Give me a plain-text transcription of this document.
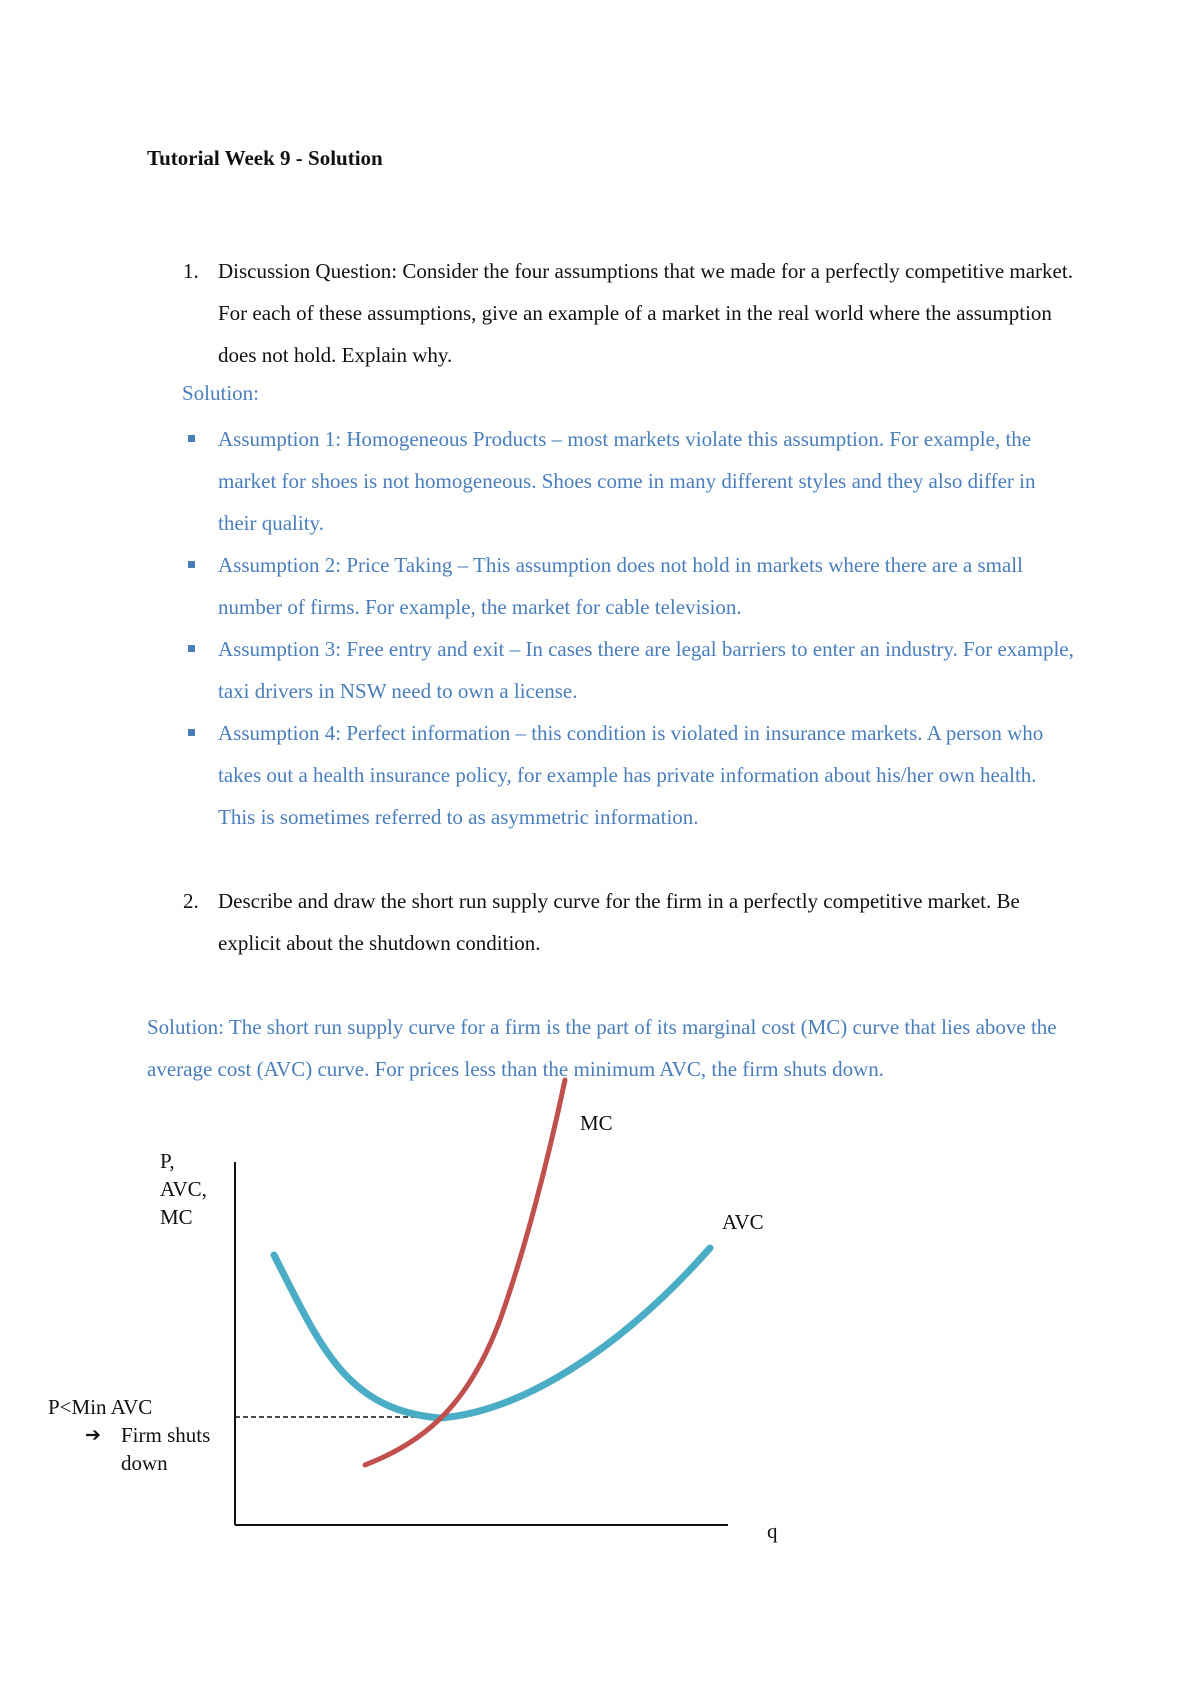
Tutorial Week 9 - Solution
1. Discussion Question: Consider the four assumptions that we made for a perfectly competitive market. For each of these assumptions, give an example of a market in the real world where the assumption does not hold. Explain why.
Solution:
Assumption 1: Homogeneous Products – most markets violate this assumption. For example, the market for shoes is not homogeneous. Shoes come in many different styles and they also differ in their quality.
Assumption 2: Price Taking – This assumption does not hold in markets where there are a small number of firms. For example, the market for cable television.
Assumption 3: Free entry and exit – In cases there are legal barriers to enter an industry. For example, taxi drivers in NSW need to own a license.
Assumption 4: Perfect information – this condition is violated in insurance markets. A person who takes out a health insurance policy, for example has private information about his/her own health. This is sometimes referred to as asymmetric information.
2. Describe and draw the short run supply curve for the firm in a perfectly competitive market. Be explicit about the shutdown condition.
Solution: The short run supply curve for a firm is the part of its marginal cost (MC) curve that lies above the average cost (AVC) curve. For prices less than the minimum AVC, the firm shuts down.
P,
AVC,
MC
MC
AVC
q
P<Min AVC
➔ Firm shuts
down
